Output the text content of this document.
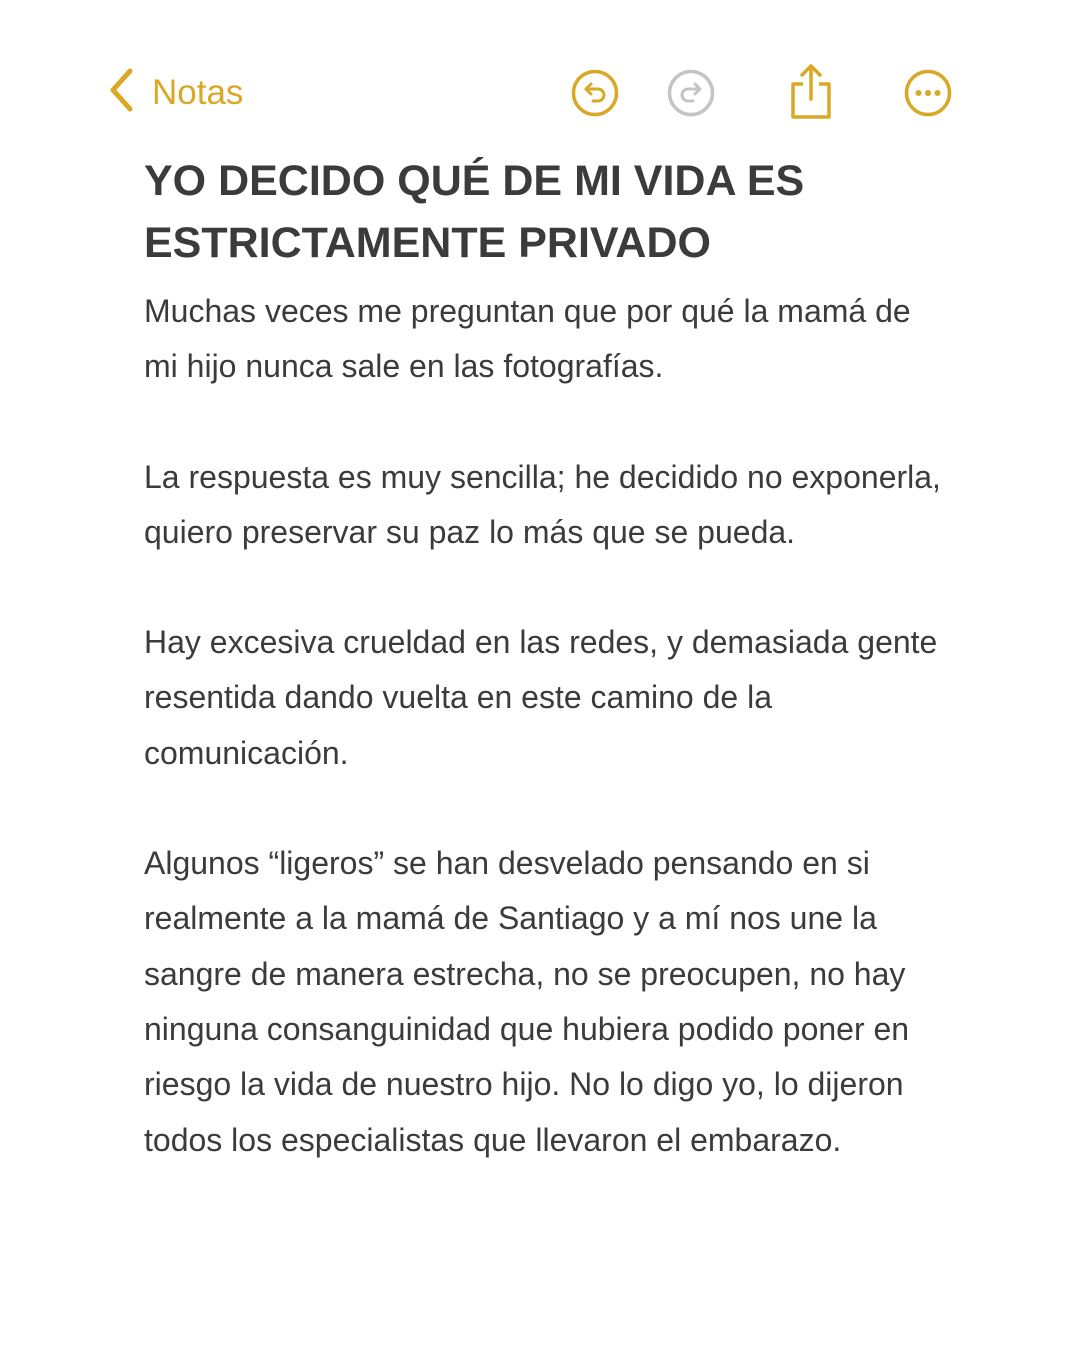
Notas
YO DECIDO QUÉ DE MI VIDA ES ESTRICTAMENTE PRIVADO

Muchas veces me preguntan que por qué la mamá de mi hijo nunca sale en las fotografías.

La respuesta es muy sencilla; he decidido no exponerla, quiero preservar su paz lo más que se pueda.

Hay excesiva crueldad en las redes, y demasiada gente resentida dando vuelta en este camino de la comunicación.

Algunos “ligeros” se han desvelado pensando en si realmente a la mamá de Santiago y a mí nos une la sangre de manera estrecha, no se preocupen, no hay ninguna consanguinidad que hubiera podido poner en riesgo la vida de nuestro hijo. No lo digo yo, lo dijeron todos los especialistas que llevaron el embarazo.
